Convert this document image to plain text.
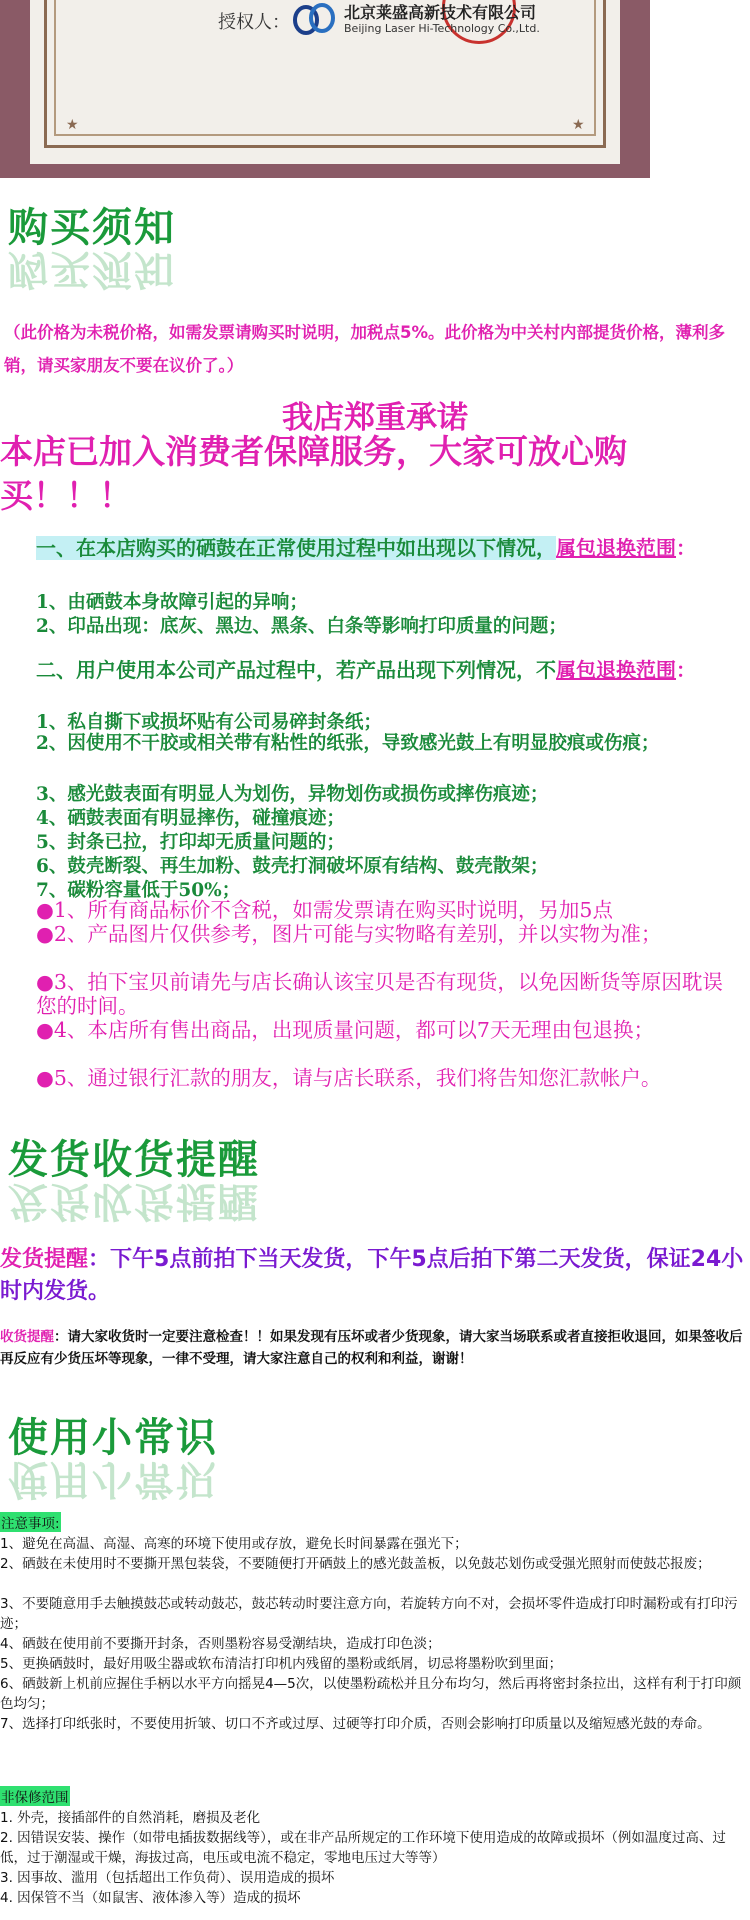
★	★
授权人：	北京莱盛高新技术有限公司
Beijing Laser Hi-Technology Co.,Ltd.
购买须知
购买须知
（此价格为未税价格，如需发票请购买时说明，加税点5%。此价格为中关村内部提货价格，薄利多销，请买家朋友不要在议价了。）
我店郑重承诺
本店已加入消费者保障服务，大家可放心购买！！！
一、在本店购买的硒鼓在正常使用过程中如出现以下情况，属包退换范围：
1、由硒鼓本身故障引起的异响；
2、印品出现：底灰、黑边、黑条、白条等影响打印质量的问题；
二、用户使用本公司产品过程中，若产品出现下列情况，不属包退换范围：
1、私自撕下或损坏贴有公司易碎封条纸；
2、因使用不干胶或相关带有粘性的纸张，导致感光鼓上有明显胶痕或伤痕；
3、感光鼓表面有明显人为划伤，异物划伤或损伤或摔伤痕迹；
4、硒鼓表面有明显摔伤，碰撞痕迹；
5、封条已拉，打印却无质量问题的；
6、鼓壳断裂、再生加粉、鼓壳打洞破坏原有结构、鼓壳散架；
7、碳粉容量低于50%；
●1、所有商品标价不含税，如需发票请在购买时说明，另加5点
●2、产品图片仅供参考，图片可能与实物略有差别，并以实物为准；
●3、拍下宝贝前请先与店长确认该宝贝是否有现货，以免因断货等原因耽误您的时间。
●4、本店所有售出商品，出现质量问题，都可以7天无理由包退换；
●5、通过银行汇款的朋友，请与店长联系，我们将告知您汇款帐户。
发货收货提醒
发货收货提醒
发货提醒：下午5点前拍下当天发货，下午5点后拍下第二天发货，保证24小时内发货。
收货提醒：请大家收货时一定要注意检查！！如果发现有压坏或者少货现象，请大家当场联系或者直接拒收退回，如果签收后再反应有少货压坏等现象，一律不受理，请大家注意自己的权利和利益，谢谢！
使用小常识
使用小常识
注意事项:
1、避免在高温、高湿、高寒的环境下使用或存放，避免长时间暴露在强光下；
2、硒鼓在未使用时不要撕开黑包装袋，不要随便打开硒鼓上的感光鼓盖板，以免鼓芯划伤或受强光照射而使鼓芯报废；
3、不要随意用手去触摸鼓芯或转动鼓芯，鼓芯转动时要注意方向，若旋转方向不对，会损坏零件造成打印时漏粉或有打印污迹；
4、硒鼓在使用前不要撕开封条，否则墨粉容易受潮结块，造成打印色淡；
5、更换硒鼓时，最好用吸尘器或软布清洁打印机内残留的墨粉或纸屑，切忌将墨粉吹到里面；
6、硒鼓新上机前应握住手柄以水平方向摇晃4—5次，以使墨粉疏松并且分布均匀，然后再将密封条拉出，这样有利于打印颜色均匀；
7、选择打印纸张时，不要使用折皱、切口不齐或过厚、过硬等打印介质，否则会影响打印质量以及缩短感光鼓的寿命。
非保修范围
1. 外壳，接插部件的自然消耗，磨损及老化
2. 因错误安装、操作（如带电插拔数据线等），或在非产品所规定的工作环境下使用造成的故障或损坏（例如温度过高、过低，过于潮湿或干燥，海拔过高，电压或电流不稳定，零地电压过大等等）
3. 因事故、滥用（包括超出工作负荷）、误用造成的损坏
4. 因保管不当（如鼠害、液体渗入等）造成的损坏
